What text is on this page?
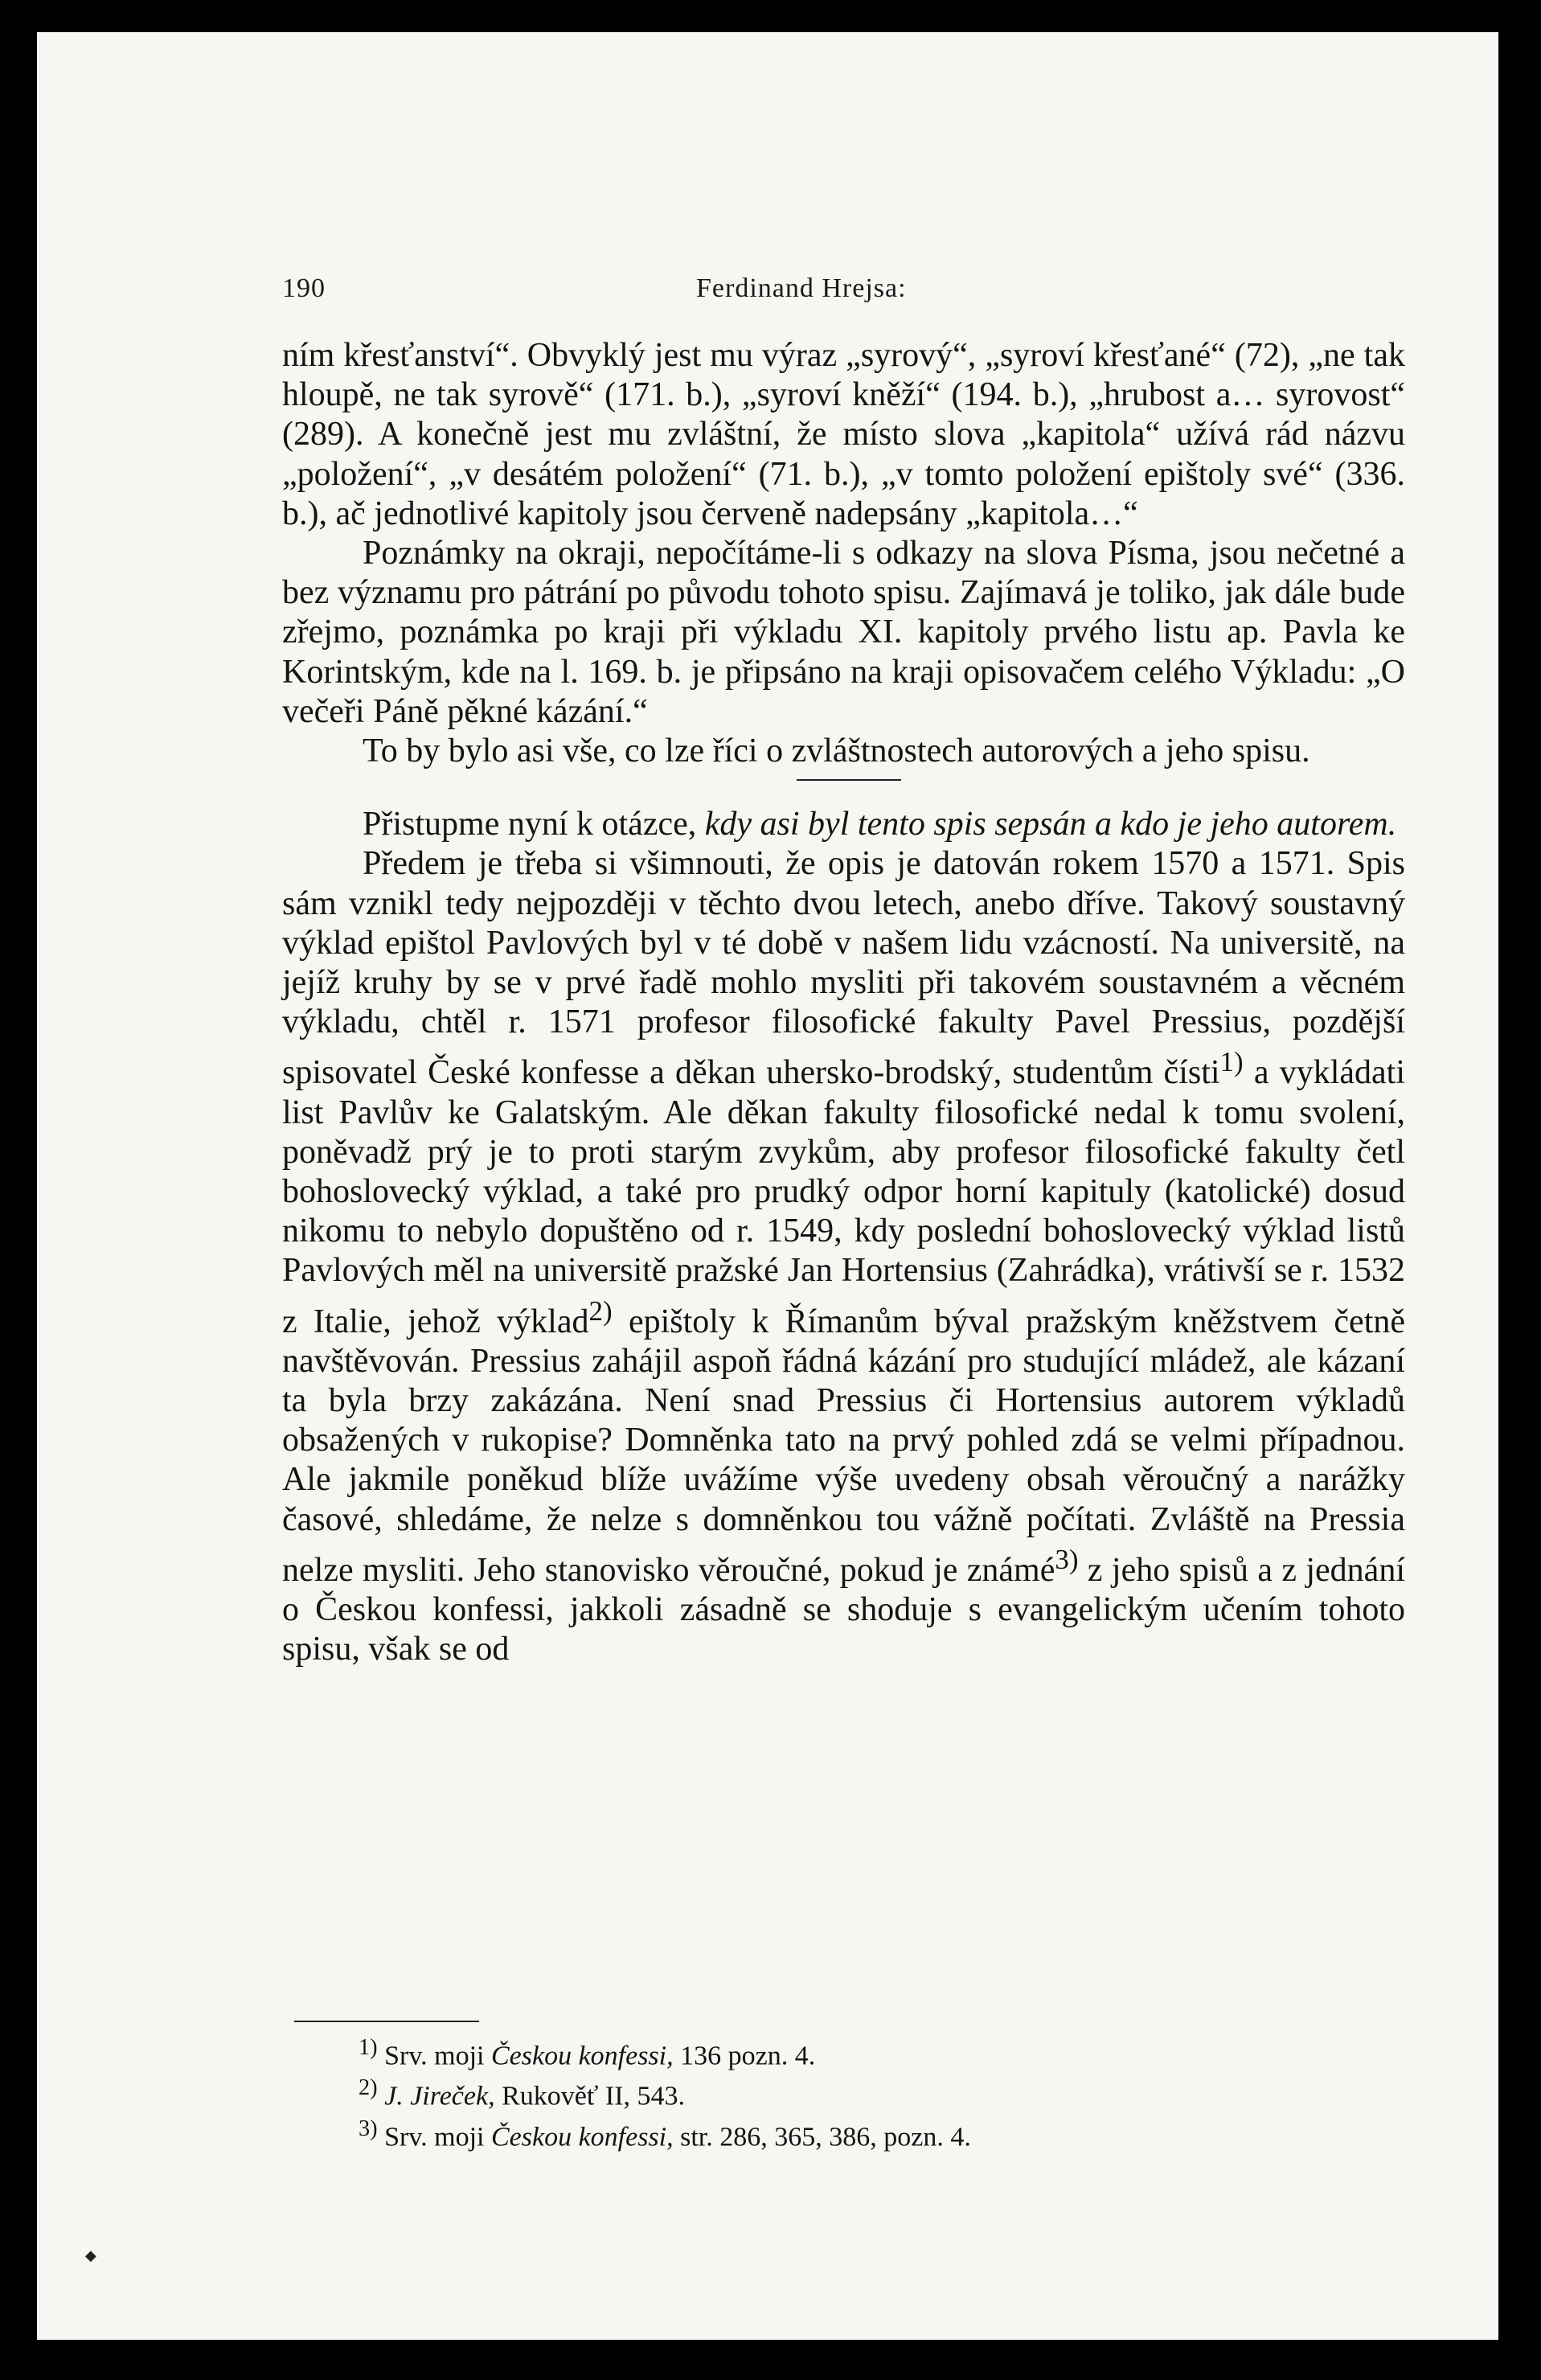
190	Ferdinand Hrejsa:

ním křesťanství“. Obvyklý jest mu výraz „syrový“, „syroví křesťané“ (72), „ne tak hloupě, ne tak syrově“ (171. b.), „syroví kněží“ (194. b.), „hrubost a… syrovost“ (289). A konečně jest mu zvláštní, že místo slova „kapitola“ užívá rád názvu „položení“, „v desátém položení“ (71. b.), „v tomto položení epištoly své“ (336. b.), ač jednotlivé kapitoly jsou červeně nadepsány „kapitola…“

Poznámky na okraji, nepočítáme-li s odkazy na slova Písma, jsou nečetné a bez významu pro pátrání po původu tohoto spisu. Zajímavá je toliko, jak dále bude zřejmo, poznámka po kraji při výkladu XI. kapitoly prvého listu ap. Pavla ke Korintským, kde na l. 169. b. je připsáno na kraji opisovačem celého Výkladu: „O večeři Páně pěkné kázání.“

To by bylo asi vše, co lze říci o zvláštnostech autorových a jeho spisu.

Přistupme nyní k otázce, kdy asi byl tento spis sepsán a kdo je jeho autorem.

Předem je třeba si všimnouti, že opis je datován rokem 1570 a 1571. Spis sám vznikl tedy nejpozději v těchto dvou letech, anebo dříve. Takový soustavný výklad epištol Pavlových byl v té době v našem lidu vzácností. Na universitě, na jejíž kruhy by se v prvé řadě mohlo mysliti při takovém soustavném a věcném výkladu, chtěl r. 1571 profesor filosofické fakulty Pavel Pressius, pozdější spisovatel České konfesse a děkan uhersko-brodský, studentům čísti$^{1)}$ a vykládati list Pavlův ke Galatským. Ale děkan fakulty filosofické nedal k tomu svolení, poněvadž prý je to proti starým zvykům, aby profesor filosofické fakulty četl bohoslovecký výklad, a také pro prudký odpor horní kapituly (katolické) dosud nikomu to nebylo dopuštěno od r. 1549, kdy poslední bohoslovecký výklad listů Pavlových měl na universitě pražské Jan Hortensius (Zahrádka), vrátivší se r. 1532 z Italie, jehož výklad$^{2)}$ epištoly k Římanům býval pražským kněžstvem četně navštěvován. Pressius zahájil aspoň řádná kázání pro studující mládež, ale kázaní ta byla brzy zakázána. Není snad Pressius či Hortensius autorem výkladů obsažených v rukopise? Domněnka tato na prvý pohled zdá se velmi případnou. Ale jakmile poněkud blíže uvážíme výše uvedeny obsah věroučný a narážky časové, shledáme, že nelze s domněnkou tou vážně počítati. Zvláště na Pressia nelze mysliti. Jeho stanovisko věroučné, pokud je známé$^{3)}$ z jeho spisů a z jednání o Českou konfessi, jakkoli zásadně se shoduje s evangelickým učením tohoto spisu, však se od

$^{1)}$ Srv. moji Českou konfessi, 136 pozn. 4.

$^{2)}$ J. Jireček, Rukověť II, 543.

$^{3)}$ Srv. moji Českou konfessi, str. 286, 365, 386, pozn. 4.

◆
